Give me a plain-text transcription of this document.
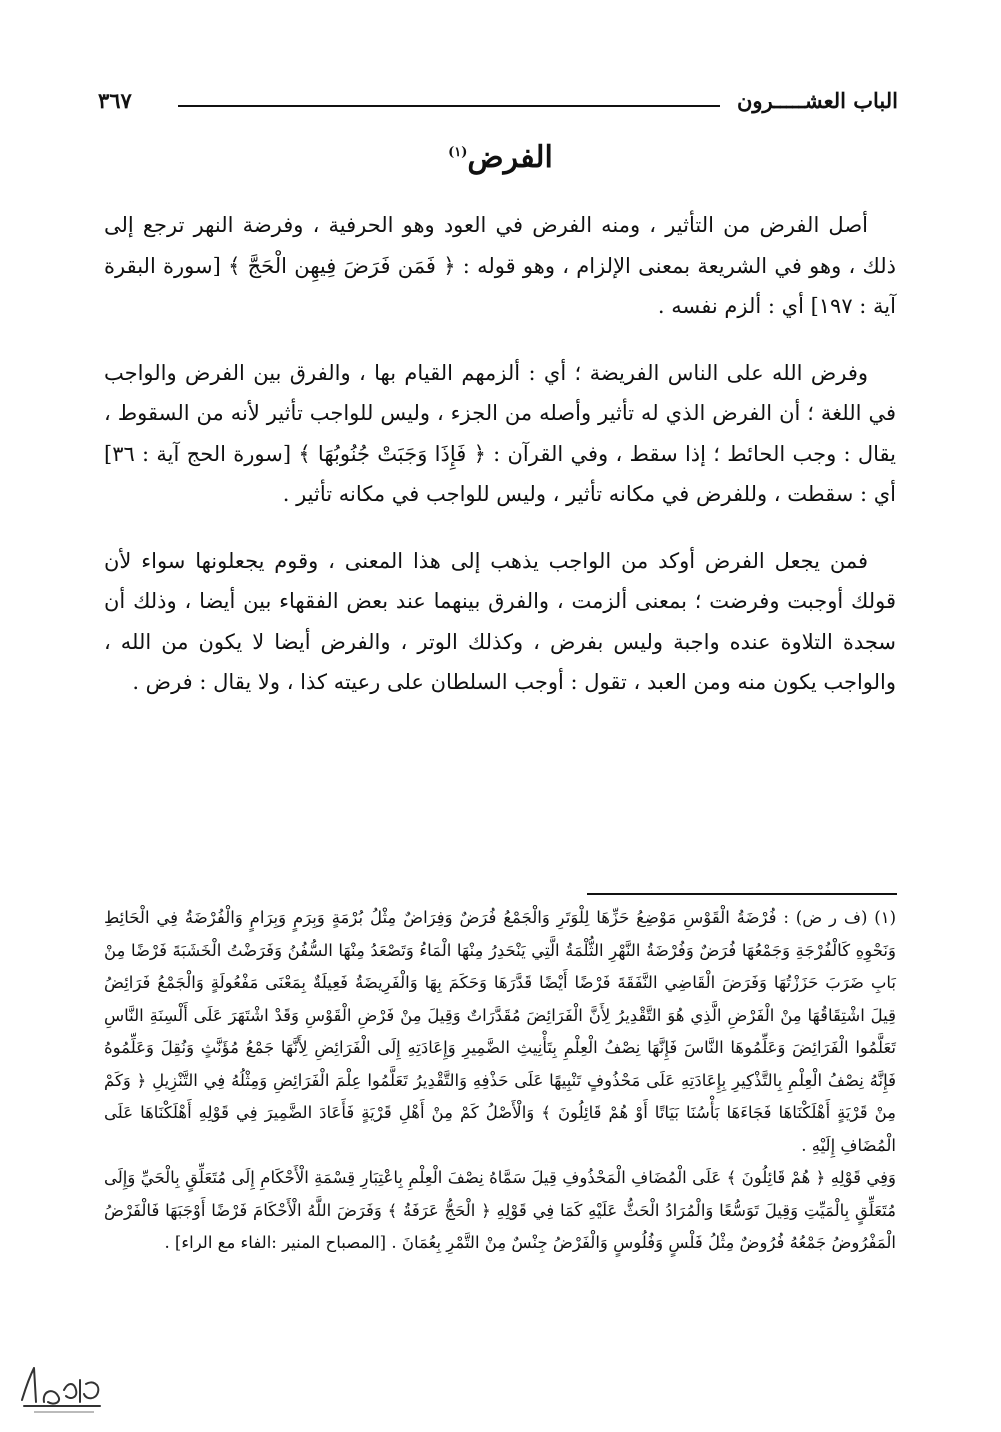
الباب العشـــــرون
٣٦٧
الفرض$^{(١)}$

أصل الفرض من التأثير ، ومنه الفرض في العود وهو الحرفية ، وفرضة النهر ترجع إلى ذلك ، وهو في الشريعة بمعنى الإلزام ، وهو قوله : ﴿ فَمَن فَرَضَ فِيهِن الْحَجَّ ﴾ [سورة البقرة آية : ١٩٧] أي : ألزم نفسه .

وفرض الله على الناس الفريضة ؛ أي : ألزمهم القيام بها ، والفرق بين الفرض والواجب في اللغة ؛ أن الفرض الذي له تأثير وأصله من الجزء ، وليس للواجب تأثير لأنه من السقوط ، يقال : وجب الحائط ؛ إذا سقط ، وفي القرآن : ﴿ فَإِذَا وَجَبَتْ جُنُوبُهَا ﴾ [سورة الحج آية : ٣٦] أي : سقطت ، وللفرض في مكانه تأثير ، وليس للواجب في مكانه تأثير .

فمن يجعل الفرض أوكد من الواجب يذهب إلى هذا المعنى ، وقوم يجعلونها سواء لأن قولك أوجبت وفرضت ؛ بمعنى ألزمت ، والفرق بينهما عند بعض الفقهاء بين أيضا ، وذلك أن سجدة التلاوة عنده واجبة وليس بفرض ، وكذلك الوتر ، والفرض أيضا لا يكون من الله ، والواجب يكون منه ومن العبد ، تقول : أوجب السلطان على رعيته كذا ، ولا يقال : فرض .

(١) (ف ر ض) : فُرْضَةُ الْقَوْسِ مَوْضِعُ حَزِّهَا لِلْوَتَرِ وَالْجَمْعُ فُرَضٌ وَفِرَاضٌ مِثْلُ بُرْمَةٍ وَبِرَمٍ وَبِرَامٍ وَالْفُرْضَةُ فِي الْحَائِطِ وَنَحْوِهِ كَالْفُرْجَةِ وَجَمْعُهَا فُرَضٌ وَفُرْضَةُ النَّهْرِ الثُّلْمَةُ الَّتِي يَنْحَدِرُ مِنْهَا الْمَاءُ وَتَصْعَدُ مِنْهَا السُّفُنُ وَفَرَضْتُ الْخَشَبَةَ فَرْضًا مِنْ بَابِ ضَرَبَ حَزَزْتُهَا وَفَرَضَ الْقَاضِي النَّفَقَةَ فَرْضًا أَيْضًا قَدَّرَهَا وَحَكَمَ بِهَا وَالْفَرِيضَةُ فَعِيلَةٌ بِمَعْنَى مَفْعُولَةٍ وَالْجَمْعُ فَرَائِضُ قِيلَ اشْتِقَاقُهَا مِنْ الْفَرْضِ الَّذِي هُوَ التَّقْدِيرُ لِأَنَّ الْفَرَائِضَ مُقَدَّرَاتٌ وَقِيلَ مِنْ فَرْضِ الْقَوْسِ وَقَدْ اشْتَهَرَ عَلَى أَلْسِنَةِ النَّاسِ تَعَلَّمُوا الْفَرَائِضَ وَعَلِّمُوهَا النَّاسَ فَإِنَّهَا نِصْفُ الْعِلْمِ بِتَأْنِيثِ الضَّمِيرِ وَإِعَادَتِهِ إِلَى الْفَرَائِضِ لِأَنَّهَا جَمْعُ مُؤَنَّثٍ وَنُقِلَ وَعَلِّمُوهُ فَإِنَّهُ نِصْفُ الْعِلْمِ بِالتَّذْكِيرِ بِإِعَادَتِهِ عَلَى مَحْذُوفٍ تَنْبِيهًا عَلَى حَذْفِهِ وَالتَّقْدِيرُ تَعَلَّمُوا عِلْمَ الْفَرَائِضِ وَمِثْلُهُ فِي التَّنْزِيلِ ﴿ وَكَمْ مِنْ قَرْيَةٍ أَهْلَكْنَاهَا فَجَاءَهَا بَأْسُنَا بَيَاتًا أَوْ هُمْ قَائِلُونَ ﴾ وَالْأَصْلُ كَمْ مِنْ أَهْلِ قَرْيَةٍ فَأَعَادَ الضَّمِيرَ فِي قَوْلِهِ أَهْلَكْنَاهَا عَلَى الْمُضَافِ إِلَيْهِ .

وَفِي قَوْلِهِ ﴿ هُمْ قَائِلُونَ ﴾ عَلَى الْمُضَافِ الْمَحْذُوفِ قِيلَ سَمَّاهُ نِصْفَ الْعِلْمِ بِاعْتِبَارِ قِسْمَةِ الْأَحْكَامِ إِلَى مُتَعَلِّقٍ بِالْحَيِّ وَإِلَى مُتَعَلِّقٍ بِالْمَيِّتِ وَقِيلَ تَوَسُّعًا وَالْمُرَادُ الْحَثُّ عَلَيْهِ كَمَا فِي قَوْلِهِ ﴿ الْحَجُّ عَرَفَةُ ﴾ وَفَرَضَ اللَّهُ الْأَحْكَامَ فَرْضًا أَوْجَبَهَا فَالْفَرْضُ الْمَفْرُوضُ جَمْعُهُ فُرُوضٌ مِثْلُ فَلْسٍ وَفُلُوسٍ وَالْفَرْضُ جِنْسٌ مِنْ التَّمْرِ بِعُمَانَ . [المصباح المنير :الفاء مع الراء] .
